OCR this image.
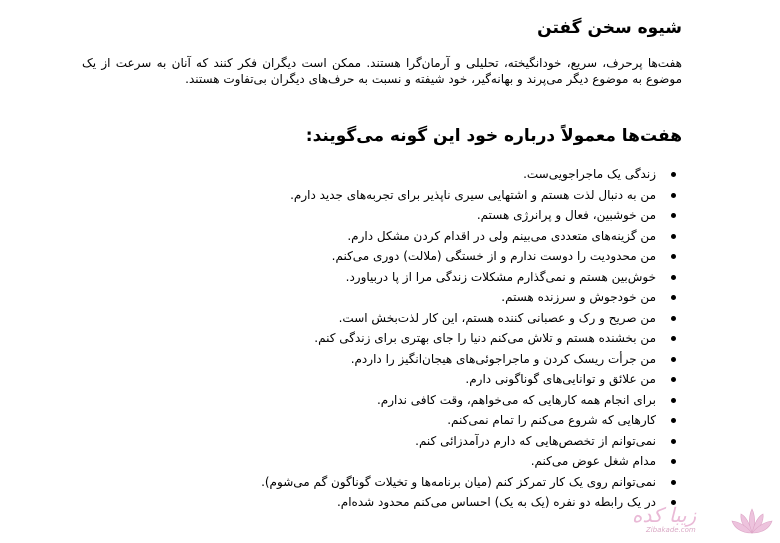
شیوه سخن گفتن

هفت‌ها پرحرف، سریع، خودانگیخته، تحلیلی و آرمان‌گرا هستند. ممکن است دیگران فکر کنند که آنان به سرعت از یک موضوع به موضوع دیگر می‌پرند و بهانه‌گیر، خود شیفته و نسبت به حرف‌های دیگران بی‌تفاوت هستند.

هفت‌ها معمولاً درباره خود این گونه می‌گویند:
زندگی یک ماجراجویی‌ست.
من به دنبال لذت هستم و اشتهایی سیری ناپذیر برای تجربه‌های جدید دارم.
من خوشبین، فعال و پرانرژی هستم.
من گزینه‌های متعددی می‌بینم ولی در اقدام کردن مشکل دارم.
من محدودیت را دوست ندارم و از خستگی (ملالت) دوری می‌کنم.
خوش‌بین هستم و نمی‌گذارم مشکلات زندگی مرا از پا دربیاورد.
من خودجوش و سرزنده هستم.
من صریح و رک و عصبانی کننده هستم، این کار لذت‌بخش است.
من بخشنده هستم و تلاش می‌کنم دنیا را جای بهتری برای زندگی کنم.
من جرأت ریسک کردن و ماجراجوئی‌های هیجان‌انگیز را داردم.
من علائق و توانایی‌های گوناگونی دارم.
برای انجام همه کارهایی که می‌خواهم، وقت کافی ندارم.
کارهایی که شروع می‌کنم را تمام نمی‌کنم.
نمی‌توانم از تخصص‌هایی که دارم درآمدزائی کنم.
مدام شغل عوض می‌کنم.
نمی‌توانم روی یک کار تمرکز کنم (میان برنامه‌ها و تخیلات گوناگون گم می‌شوم).
در یک رابطه دو نفره (یک به یک) احساس می‌کنم محدود شده‌ام.
زیبا کده
Zibakade.com
